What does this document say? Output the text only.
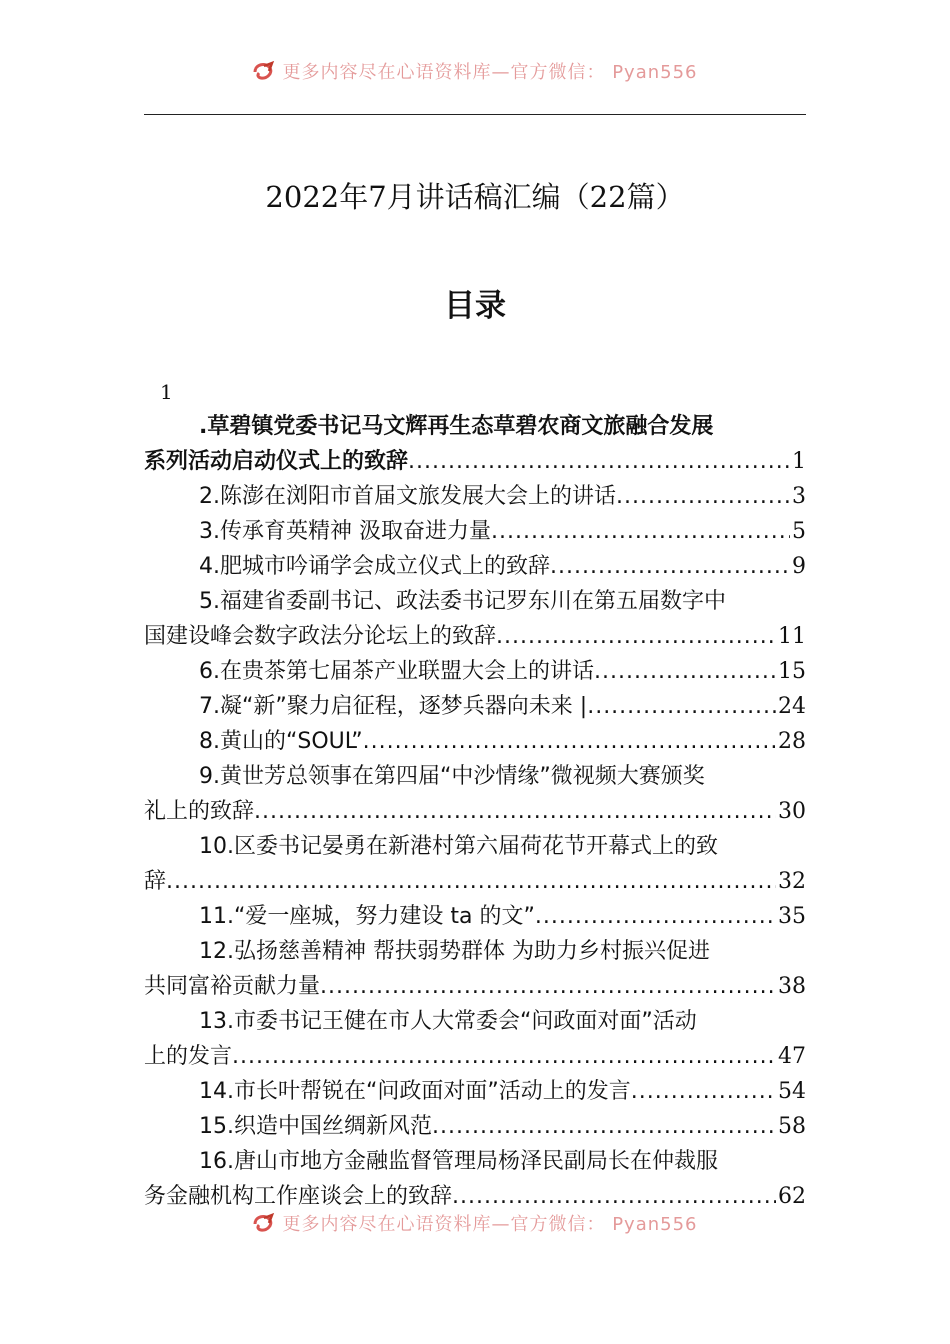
更多内容尽在心语资料库—官方微信： Pyan556
2022年7月讲话稿汇编（22篇）
目录
1
. 草碧镇党委书记马文辉再生态草碧农商文旅融合发展
系列活动启动仪式上的致辞 .....	1
2. 陈澎在浏阳市首届文旅发展大会上的讲话 .....	3
3. 传承育英精神 汲取奋进力量 .....	5
4. 肥城市吟诵学会成立仪式上的致辞 .....	9
5. 福建省委副书记、政法委书记罗东川在第五届数字中
国建设峰会数字政法分论坛上的致辞 .....	11
6. 在贵茶第七届茶产业联盟大会上的讲话 .....	15
7. 凝“新”聚力启征程，逐梦兵器向未来 | .....	24
8. 黄山的“SOUL” .....	28
9. 黄世芳总领事在第四届“中沙情缘”微视频大赛颁奖
礼上的致辞 .....	30
10. 区委书记晏勇在新港村第六届荷花节开幕式上的致
辞 .....	32
11. “爱一座城，努力建设 ta 的文” .....	35
12. 弘扬慈善精神 帮扶弱势群体 为助力乡村振兴促进
共同富裕贡献力量 .....	38
13. 市委书记王健在市人大常委会“问政面对面”活动
上的发言 .....	47
14. 市长叶帮锐在“问政面对面”活动上的发言 .....	54
15. 织造中国丝绸新风范 .....	58
16. 唐山市地方金融监督管理局杨泽民副局长在仲裁服
务金融机构工作座谈会上的致辞 .....	62
更多内容尽在心语资料库—官方微信： Pyan556
